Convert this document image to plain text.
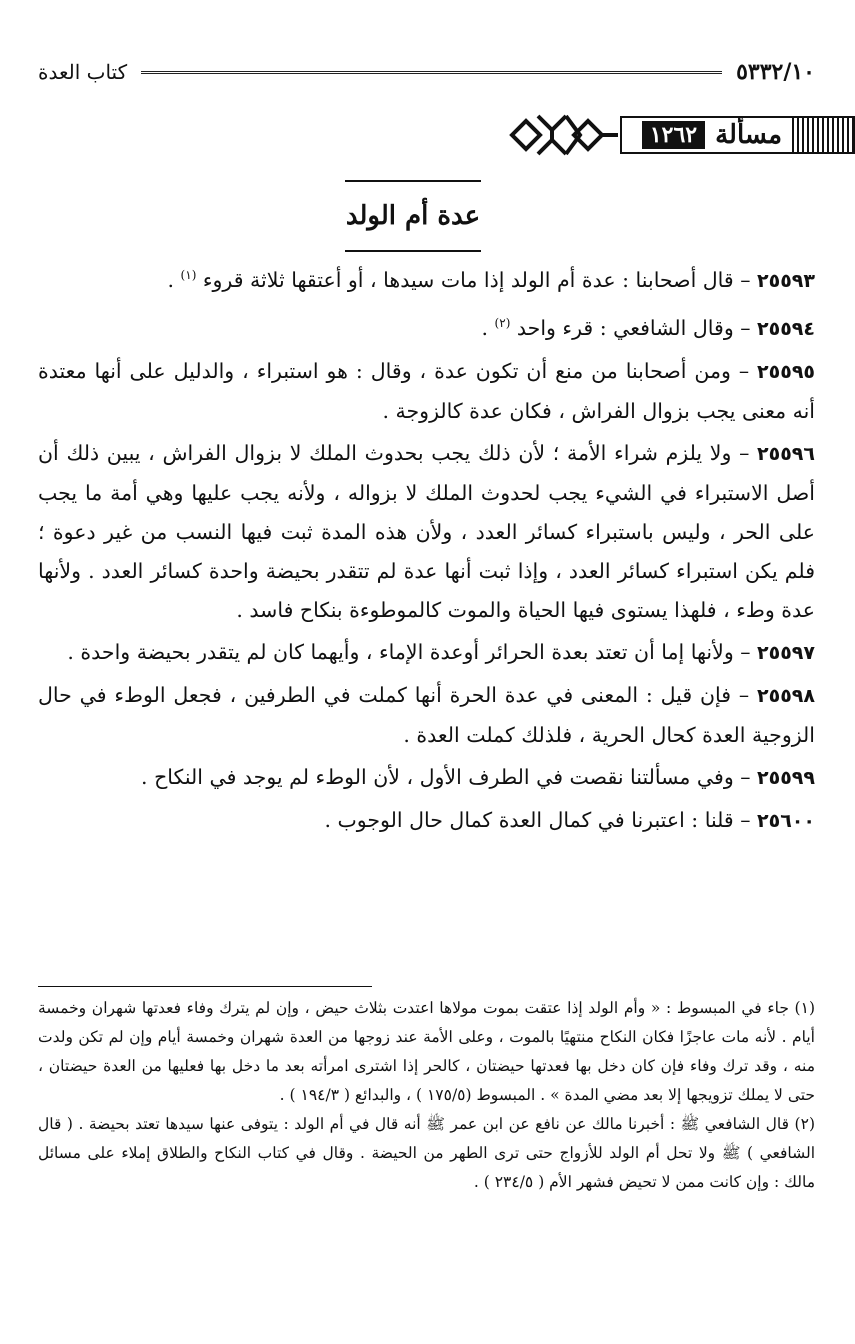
٥٣٣٢/١٠
كتاب العدة
مسألة
١٢٦٢
عدة أم الولد

٢٥٥٩٣ – قال أصحابنا : عدة أم الولد إذا مات سيدها ، أو أعتقها ثلاثة قروء $^{(١)}$ .

٢٥٥٩٤ – وقال الشافعي : قرء واحد $^{(٢)}$ .

٢٥٥٩٥ – ومن أصحابنا من منع أن تكون عدة ، وقال : هو استبراء ، والدليل على أنها معتدة أنه معنى يجب بزوال الفراش ، فكان عدة كالزوجة .

٢٥٥٩٦ – ولا يلزم شراء الأمة ؛ لأن ذلك يجب بحدوث الملك لا بزوال الفراش ، يبين ذلك أن أصل الاستبراء في الشيء يجب لحدوث الملك لا بزواله ، ولأنه يجب عليها وهي أمة ما يجب على الحر ، وليس باستبراء كسائر العدد ، ولأن هذه المدة ثبت فيها النسب من غير دعوة ؛ فلم يكن استبراء كسائر العدد ، وإذا ثبت أنها عدة لم تتقدر بحيضة واحدة كسائر العدد . ولأنها عدة وطء ، فلهذا يستوى فيها الحياة والموت كالموطوءة بنكاح فاسد .

٢٥٥٩٧ – ولأنها إما أن تعتد بعدة الحرائر أوعدة الإماء ، وأيهما كان لم يتقدر بحيضة واحدة .

٢٥٥٩٨ – فإن قيل : المعنى في عدة الحرة أنها كملت في الطرفين ، فجعل الوطء في حال الزوجية العدة كحال الحرية ، فلذلك كملت العدة .

٢٥٥٩٩ – وفي مسألتنا نقصت في الطرف الأول ، لأن الوطء لم يوجد في النكاح .

٢٥٦٠٠ – قلنا : اعتبرنا في كمال العدة كمال حال الوجوب .

(١) جاء في المبسوط : « وأم الولد إذا عتقت بموت مولاها اعتدت بثلاث حيض ، وإن لم يترك وفاء فعدتها شهران وخمسة أيام . لأنه مات عاجزًا فكان النكاح منتهيًا بالموت ، وعلى الأمة عند زوجها من العدة شهران وخمسة أيام وإن لم تكن ولدت منه ، وقد ترك وفاء فإن كان دخل بها فعدتها حيضتان ، كالحر إذا اشترى امرأته بعد ما دخل بها فعليها من العدة حيضتان ، حتى لا يملك تزويجها إلا بعد مضي المدة » . المبسوط (١٧٥/٥ ) ، والبدائع ( ١٩٤/٣ ) .

(٢) قال الشافعي ﷺ : أخبرنا مالك عن نافع عن ابن عمر ﷺ أنه قال في أم الولد : يتوفى عنها سيدها تعتد بحيضة . ( قال الشافعي ) ﷺ ولا تحل أم الولد للأزواج حتى ترى الطهر من الحيضة . وقال في كتاب النكاح والطلاق إملاء على مسائل مالك : وإن كانت ممن لا تحيض فشهر الأم ( ٢٣٤/٥ ) .
